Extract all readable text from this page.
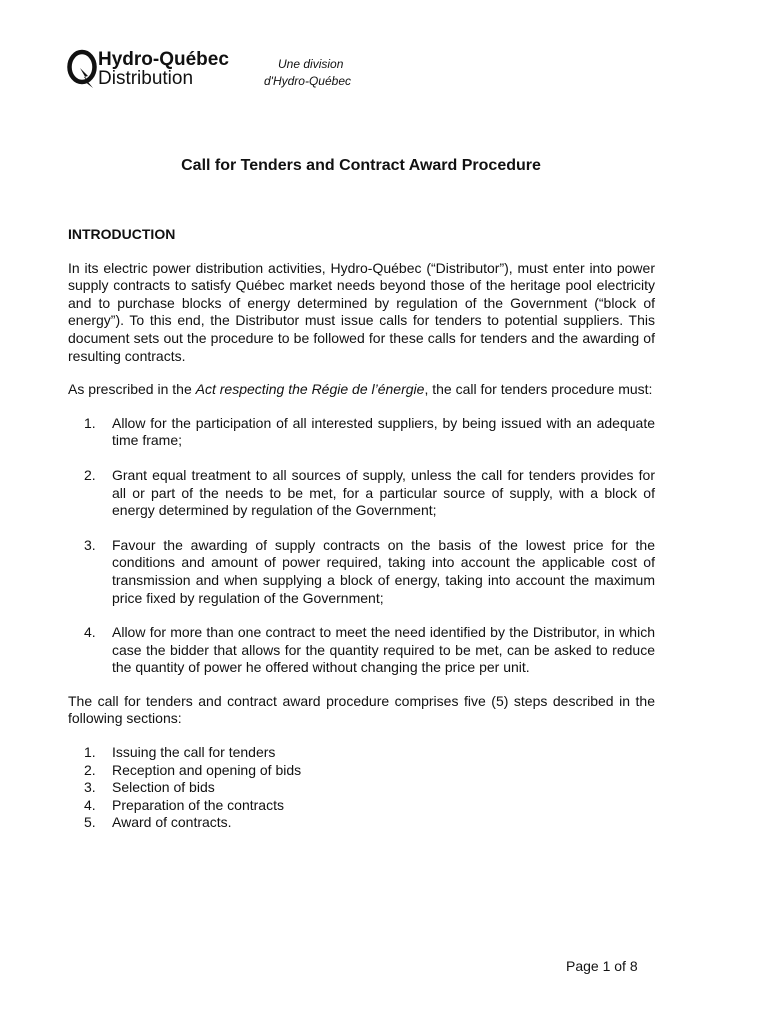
Hydro-Québec
Distribution
Une division
d'Hydro-Québec
Call for Tenders and Contract Award Procedure

INTRODUCTION

In its electric power distribution activities, Hydro-Québec (“Distributor”), must enter into power supply contracts to satisfy Québec market needs beyond those of the heritage pool electricity and to purchase blocks of energy determined by regulation of the Government (“block of energy”). To this end, the Distributor must issue calls for tenders to potential suppliers. This document sets out the procedure to be followed for these calls for tenders and the awarding of resulting contracts.

As prescribed in the Act respecting the Régie de l’énergie, the call for tenders procedure must:

1. Allow for the participation of all interested suppliers, by being issued with an adequate time frame;
2. Grant equal treatment to all sources of supply, unless the call for tenders provides for all or part of the needs to be met, for a particular source of supply, with a block of energy determined by regulation of the Government;
3. Favour the awarding of supply contracts on the basis of the lowest price for the conditions and amount of power required, taking into account the applicable cost of transmission and when supplying a block of energy, taking into account the maximum price fixed by regulation of the Government;
4. Allow for more than one contract to meet the need identified by the Distributor, in which case the bidder that allows for the quantity required to be met, can be asked to reduce the quantity of power he offered without changing the price per unit.

The call for tenders and contract award procedure comprises five (5) steps described in the following sections:

1. Issuing the call for tenders
2. Reception and opening of bids
3. Selection of bids
4. Preparation of the contracts
5. Award of contracts.
Page 1 of 8
